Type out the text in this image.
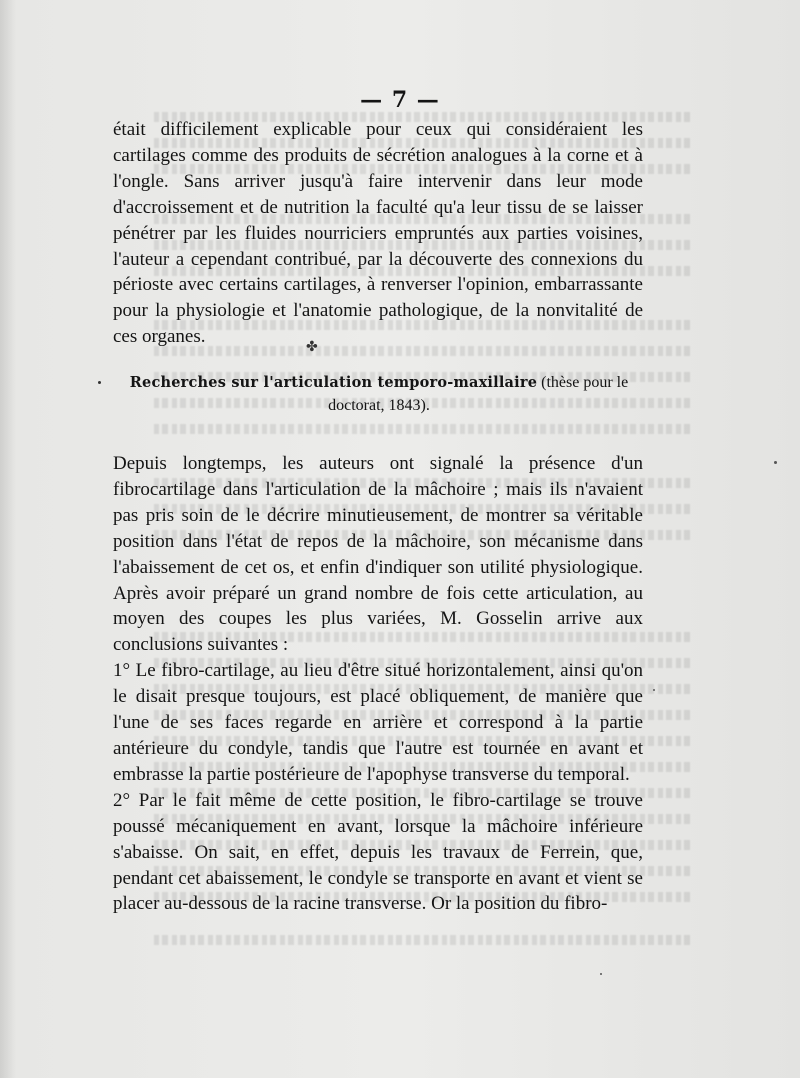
— 7 —

était difficilement explicable pour ceux qui considéraient les cartilages comme des produits de sécrétion analogues à la corne et à l'ongle. Sans arriver jusqu'à faire intervenir dans leur mode d'accroissement et de nutrition la faculté qu'a leur tissu de se laisser pénétrer par les fluides nourriciers empruntés aux parties voisines, l'auteur a cependant contribué, par la découverte des connexions du périoste avec certains cartilages, à renverser l'opinion, embarrassante pour la physiologie et l'anatomie pathologique, de la nonvitalité de ces organes.	✤
Recherches sur l'articulation temporo-maxillaire (thèse pour le
doctorat, 1843).

Depuis longtemps, les auteurs ont signalé la présence d'un fibrocartilage dans l'articulation de la mâchoire ; mais ils n'avaient pas pris soin de le décrire minutieusement, de montrer sa véritable position dans l'état de repos de la mâchoire, son mécanisme dans l'abaissement de cet os, et enfin d'indiquer son utilité physiologique. Après avoir préparé un grand nombre de fois cette articulation, au moyen des coupes les plus variées, M. Gosselin arrive aux conclusions suivantes :

1° Le fibro-cartilage, au lieu d'être situé horizontalement, ainsi qu'on le disait presque toujours, est placé obliquement, de manière que l'une de ses faces regarde en arrière et correspond à la partie antérieure du condyle, tandis que l'autre est tournée en avant et embrasse la partie postérieure de l'apophyse transverse du temporal.

2° Par le fait même de cette position, le fibro-cartilage se trouve poussé mécaniquement en avant, lorsque la mâchoire inférieure s'abaisse. On sait, en effet, depuis les travaux de Ferrein, que, pendant cet abaissement, le condyle se transporte en avant et vient se placer au-dessous de la racine transverse. Or la position du fibro-
